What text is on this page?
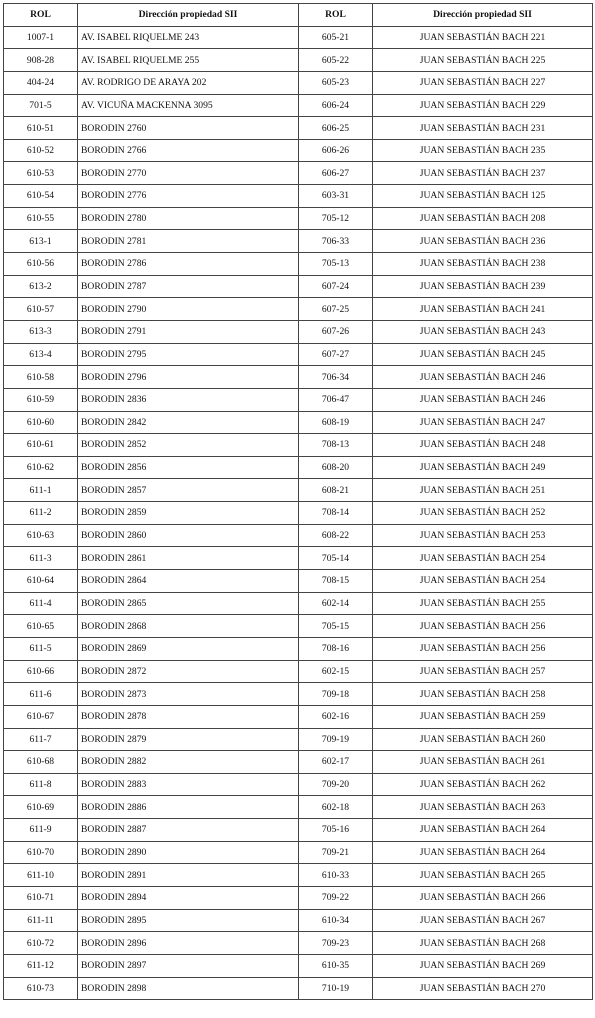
ROL	Dirección propiedad SII	ROL	Dirección propiedad SII
1007-1	AV. ISABEL RIQUELME 243	605-21	JUAN SEBASTIÁN BACH 221
908-28	AV. ISABEL RIQUELME 255	605-22	JUAN SEBASTIÁN BACH 225
404-24	AV. RODRIGO DE ARAYA 202	605-23	JUAN SEBASTIÁN BACH 227
701-5	AV. VICUÑA MACKENNA 3095	606-24	JUAN SEBASTIÁN BACH 229
610-51	BORODIN 2760	606-25	JUAN SEBASTIÁN BACH 231
610-52	BORODIN 2766	606-26	JUAN SEBASTIÁN BACH 235
610-53	BORODIN 2770	606-27	JUAN SEBASTIÁN BACH 237
610-54	BORODIN 2776	603-31	JUAN SEBASTIÁN BACH 125
610-55	BORODIN 2780	705-12	JUAN SEBASTIÁN BACH 208
613-1	BORODIN 2781	706-33	JUAN SEBASTIÁN BACH 236
610-56	BORODIN 2786	705-13	JUAN SEBASTIÁN BACH 238
613-2	BORODIN 2787	607-24	JUAN SEBASTIÁN BACH 239
610-57	BORODIN 2790	607-25	JUAN SEBASTIÁN BACH 241
613-3	BORODIN 2791	607-26	JUAN SEBASTIÁN BACH 243
613-4	BORODIN 2795	607-27	JUAN SEBASTIÁN BACH 245
610-58	BORODIN 2796	706-34	JUAN SEBASTIÁN BACH 246
610-59	BORODIN 2836	706-47	JUAN SEBASTIÁN BACH 246
610-60	BORODIN 2842	608-19	JUAN SEBASTIÁN BACH 247
610-61	BORODIN 2852	708-13	JUAN SEBASTIÁN BACH 248
610-62	BORODIN 2856	608-20	JUAN SEBASTIÁN BACH 249
611-1	BORODIN 2857	608-21	JUAN SEBASTIÁN BACH 251
611-2	BORODIN 2859	708-14	JUAN SEBASTIÁN BACH 252
610-63	BORODIN 2860	608-22	JUAN SEBASTIÁN BACH 253
611-3	BORODIN 2861	705-14	JUAN SEBASTIÁN BACH 254
610-64	BORODIN 2864	708-15	JUAN SEBASTIÁN BACH 254
611-4	BORODIN 2865	602-14	JUAN SEBASTIÁN BACH 255
610-65	BORODIN 2868	705-15	JUAN SEBASTIÁN BACH 256
611-5	BORODIN 2869	708-16	JUAN SEBASTIÁN BACH 256
610-66	BORODIN 2872	602-15	JUAN SEBASTIÁN BACH 257
611-6	BORODIN 2873	709-18	JUAN SEBASTIÁN BACH 258
610-67	BORODIN 2878	602-16	JUAN SEBASTIÁN BACH 259
611-7	BORODIN 2879	709-19	JUAN SEBASTIÁN BACH 260
610-68	BORODIN 2882	602-17	JUAN SEBASTIÁN BACH 261
611-8	BORODIN 2883	709-20	JUAN SEBASTIÁN BACH 262
610-69	BORODIN 2886	602-18	JUAN SEBASTIÁN BACH 263
611-9	BORODIN 2887	705-16	JUAN SEBASTIÁN BACH 264
610-70	BORODIN 2890	709-21	JUAN SEBASTIÁN BACH 264
611-10	BORODIN 2891	610-33	JUAN SEBASTIÁN BACH 265
610-71	BORODIN 2894	709-22	JUAN SEBASTIÁN BACH 266
611-11	BORODIN 2895	610-34	JUAN SEBASTIÁN BACH 267
610-72	BORODIN 2896	709-23	JUAN SEBASTIÁN BACH 268
611-12	BORODIN 2897	610-35	JUAN SEBASTIÁN BACH 269
610-73	BORODIN 2898	710-19	JUAN SEBASTIÁN BACH 270
